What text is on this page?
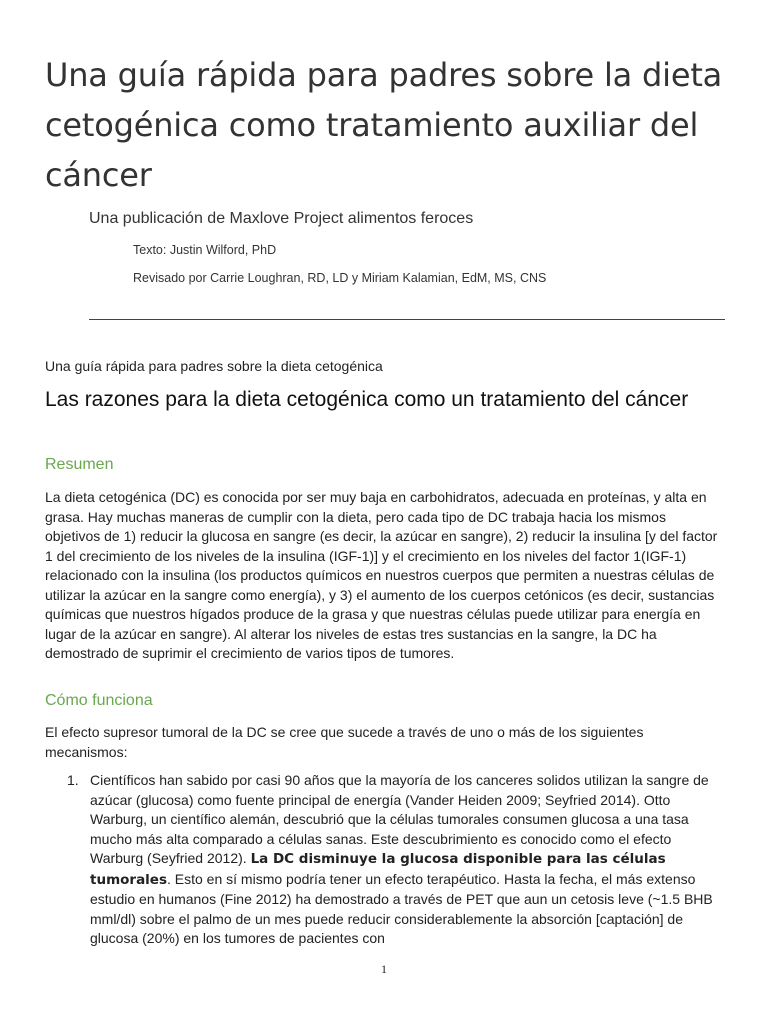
Una guía rápida para padres sobre la dieta cetogénica como tratamiento auxiliar del cáncer

Una publicación de Maxlove Project alimentos feroces

Texto: Justin Wilford, PhD

Revisado por Carrie Loughran, RD, LD y Miriam Kalamian, EdM, MS, CNS

Una guía rápida para padres sobre la dieta cetogénica

Las razones para la dieta cetogénica como un tratamiento del cáncer
Resumen

La dieta cetogénica (DC) es conocida por ser muy baja en carbohidratos, adecuada en proteínas, y alta en grasa. Hay muchas maneras de cumplir con la dieta, pero cada tipo de DC trabaja hacia los mismos objetivos de 1) reducir la glucosa en sangre (es decir, la azúcar en sangre), 2) reducir la insulina [y del factor 1 del crecimiento de los niveles de la insulina (IGF-1)] y el crecimiento en los niveles del factor 1(IGF-1) relacionado con la insulina (los productos químicos en nuestros cuerpos que permiten a nuestras células de utilizar la azúcar en la sangre como energía), y 3) el aumento de los cuerpos cetónicos (es decir, sustancias químicas que nuestros hígados produce de la grasa y que nuestras células puede utilizar para energía en lugar de la azúcar en sangre). Al alterar los niveles de estas tres sustancias en la sangre, la DC ha demostrado de suprimir el crecimiento de varios tipos de tumores.

Cómo funciona

El efecto supresor tumoral de la DC se cree que sucede a través de uno o más de los siguientes mecanismos:

1. Científicos han sabido por casi 90 años que la mayoría de los canceres solidos utilizan la sangre de azúcar (glucosa) como fuente principal de energía (Vander Heiden 2009; Seyfried 2014). Otto Warburg, un científico alemán, descubrió que la células tumorales consumen glucosa a una tasa mucho más alta comparado a células sanas. Este descubrimiento es conocido como el efecto Warburg (Seyfried 2012). La DC disminuye la glucosa disponible para las células tumorales. Esto en sí mismo podría tener un efecto terapéutico. Hasta la fecha, el más extenso estudio en humanos (Fine 2012) ha demostrado a través de PET que aun un cetosis leve (~1.5 BHB mml/dl) sobre el palmo de un mes puede reducir considerablemente la absorción [captación] de glucosa (20%) en los tumores de pacientes con
1
